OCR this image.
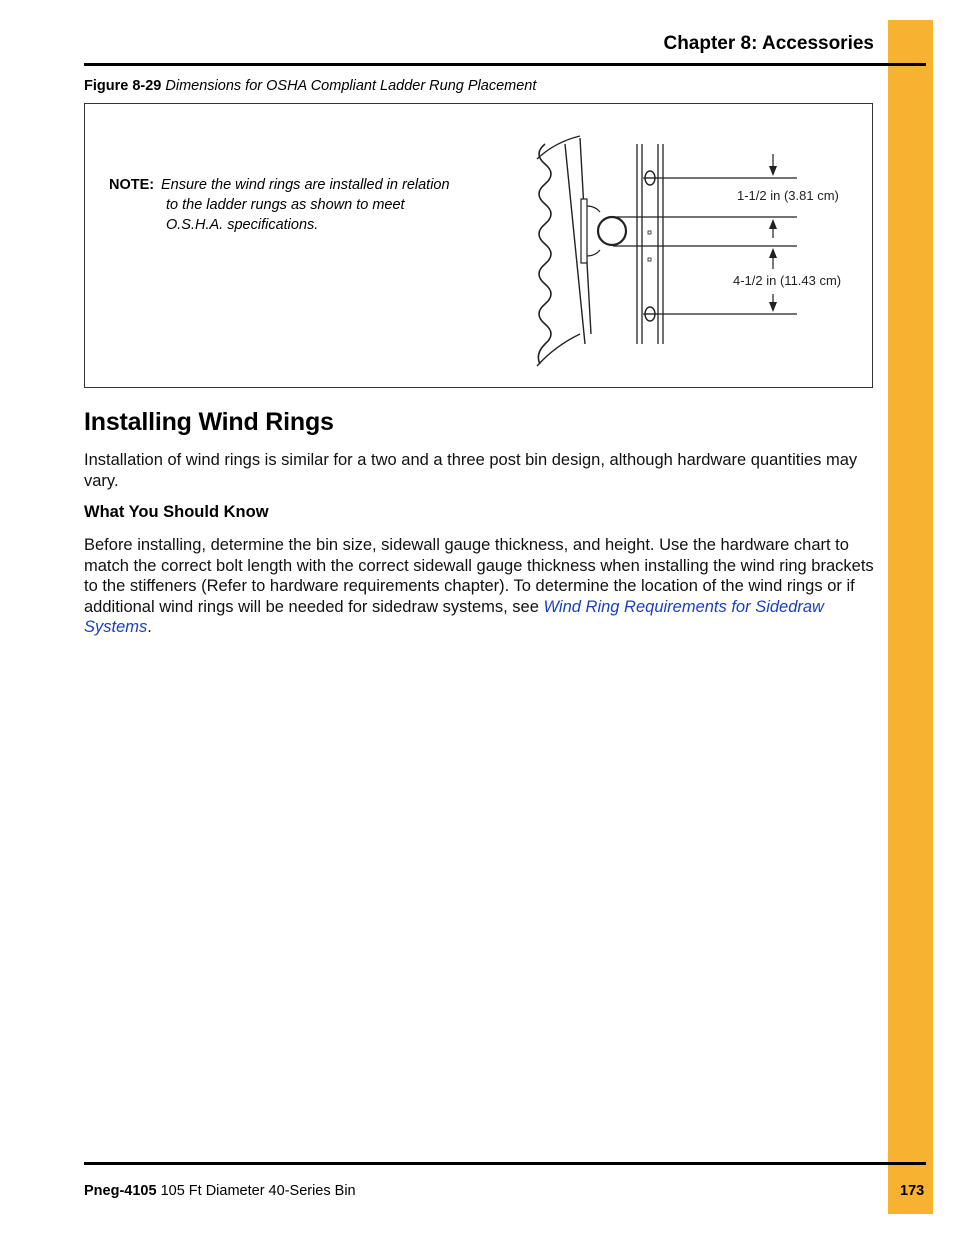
Chapter 8: Accessories
Figure 8-29 Dimensions for OSHA Compliant Ladder Rung Placement
NOTE: Ensure the wind rings are installed in relation to the ladder rungs as shown to meet O.S.H.A. specifications.
1-1/2 in (3.81 cm)
4-1/2 in (11.43 cm)
Installing Wind Rings
Installation of wind rings is similar for a two and a three post bin design, although hardware quantities may vary.
What You Should Know
Before installing, determine the bin size, sidewall gauge thickness, and height. Use the hardware chart to match the correct bolt length with the correct sidewall gauge thickness when installing the wind ring brackets to the stiffeners (Refer to hardware requirements chapter). To determine the location of the wind rings or if additional wind rings will be needed for sidedraw systems, see Wind Ring Requirements for Sidedraw Systems.
Pneg-4105 105 Ft Diameter 40-Series Bin	173
